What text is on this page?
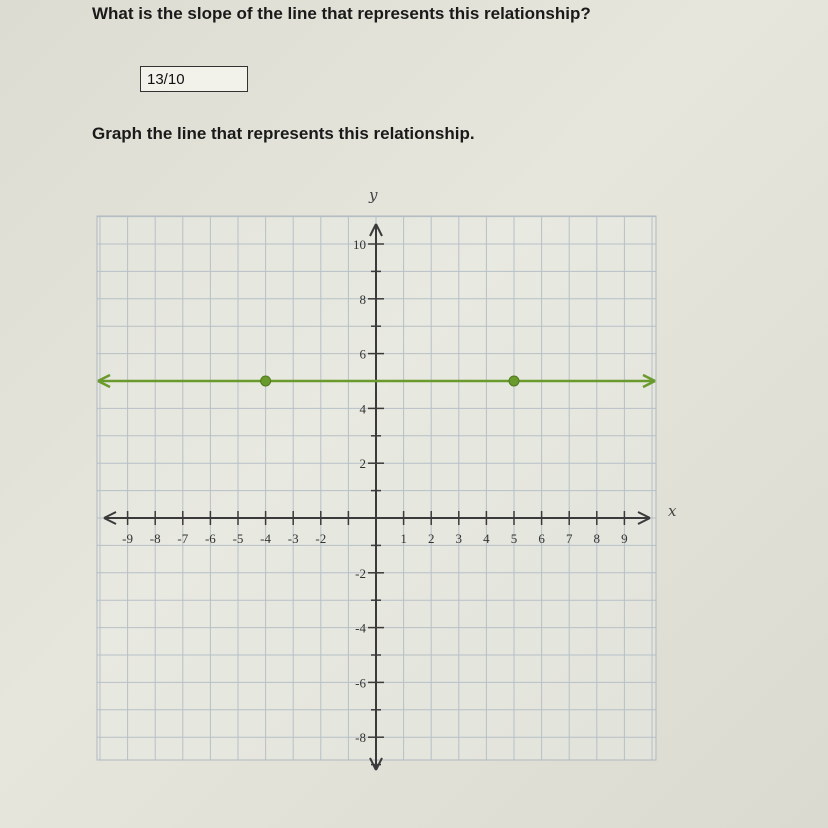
What is the slope of the line that represents this relationship?
13/10
Graph the line that represents this relationship.
x
y
-9 -8 -7 -6 -5 -4 -3 -2	1 2 3 4 5 6 7 8 9
10
8
6
4
2
-2
-4
-6
-8
